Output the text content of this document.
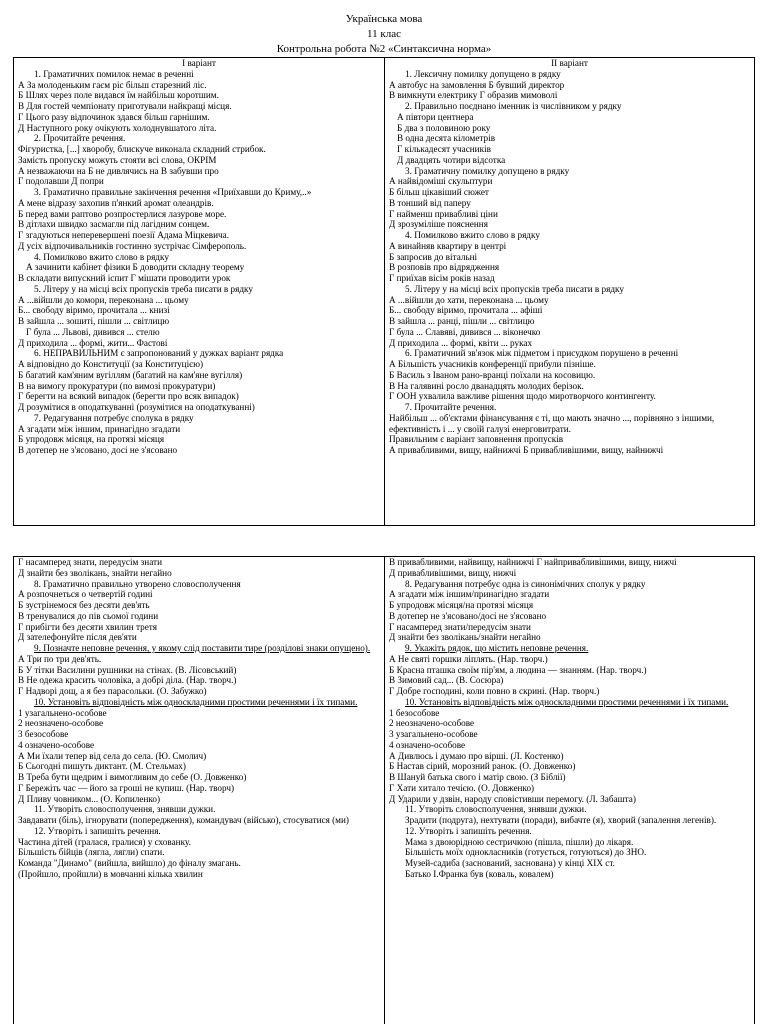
Українська мова
11 клас
Контрольна робота №2 «Синтаксична норма»
I варіант
1. Граматичних помилок немає в реченні
А За молоденьким гаєм ріс більш старезний ліс.
Б Шлях через поле видався їм найбільш коротшим.
В Для гостей чемпіонату приготували найкращі місця.
Г Цього разу відпочинок здався більш гарнішим.
Д Наступного року очікують холоднувшатого літа.
2. Прочитайте речення.
Фігуристка, [...] хворобу, блискуче виконала складний стрибок.
Замість пропуску можуть стояти всі слова, ОКРІМ
А незважаючи на Б не дивлячись на В забувши про
Г подолавши Д попри
3. Граматично правильне закінчення речення «Приїхавши до Криму,..»
А мене відразу захопив п'янкий аромат олеандрів.
Б перед вами раптово розпростерлися лазурове море.
В дітлахи швидко засмагли під лагідним сонцем.
Г згадуються неперевершені поезії Адама Міцкевича.
Д усіх відпочивальників гостинно зустрічає Сімферополь.
4. Помилково вжито слово в рядку
А зачинити кабінет фізики Б доводити складну теорему
В складати випускний іспит Г мішати проводити урок
5. Літеру у на місці всіх пропусків треба писати в рядку
А ...війшли до комори, переконана ... цьому
Б... свободу віримо, прочитала ... книзі
В зайшла ... зошиті, пішли ... світлицю
Г була ... Львові, дивився ... стелю
Д приходила ... формі, жити... Фастові
6. НЕПРАВИЛЬНИМ є запропонований у дужках варіант рядка
А відповідно до Конституції (за Конституцією)
Б багатий кам'яним вугіллям (багатий на кам'яне вугілля)
В на вимогу прокуратури (по вимозі прокуратури)
Г берегти на всякий випадок (берегти про всяк випадок)
Д розумітися в оподаткуванні (розумітися на оподаткуванні)
7. Редагування потребує сполука в рядку
А згадати між іншим, принагідно згадати
Б упродовж місяця, на протязі місяця
В дотепер не з'ясовано, досі не з'ясовано
II варіант
1. Лексичну помилку допущено в рядку
А автобус на замовлення Б бувший директор
В вимкнути електрику Г образив мимоволі
2. Правильно поєднано іменник із числівником у рядку
А півтори центнера
Б два з половиною року
В одна десята кілометрів
Г кількадесят учасників
Д двадцять чотири відсотка
3. Граматичну помилку допущено в рядку
А найвідоміші скульптури
Б більш цікавіший сюжет
В тонший від паперу
Г найменш привабливі ціни
Д зрозуміліше пояснення
4. Помилково вжито слово в рядку
А винайняв квартиру в центрі
Б запросив до вітальні
В розповів про відрядження
Г приїхав вісім років назад
5. Літеру у на місці всіх пропусків треба писати в рядку
А ...війшли до хати, переконана ... цьому
Б... свободу віримо, прочитала ... афіші
В зайшла ... ранці, пішли ... світлицю
Г була ... Славяві, дивився ... віконечко
Д приходила ... формі, квіти ... руках
6. Граматичний зв'язок між підметом і присудком порушено в реченні
А Більшість учасників конференції прибули пізніше.
Б Василь з Іваном рано-вранці поїхали на косовицю.
В На галявині росло дванадцять молодих берізок.
Г ООН ухвалила важливе рішення щодо миротворчого контингенту.
7. Прочитайте речення.
Найбільш ... об'єктами фінансування є ті, що мають значно ..., порівняно з іншими, ефективність і ... у своїй галузі енерговитрати.
Правильним є варіант заповнення пропусків
А привабливими, вищу, найнижчі Б привабливішими, вищу, найнижчі
Г насамперед знати, передусім знати
Д знайти без зволікань, знайти негайно
8. Граматично правильно утворено словосполучення
А розпочнеться о четвертій годині
Б зустрінемося без десяти дев'ять
В тренувалися до пів сьомої години
Г прибігти без десяти хвилин третя
Д зателефонуйте після дев'яти
9. Позначте неповне речення, у якому слід поставити тире (розділові знаки опущено).
А Три по три дев'ять.
Б У тітки Василини рушники на стінах. (В. Лісовський)
В Не одежа красить чоловіка, а добрі діла. (Нар. творч.)
Г Надворі дощ, а я без парасольки. (О. Забужко)
10. Установіть відповідність між односкладними простими реченнями і їх типами.
1 узагальнено-особове
2 неозначено-особове
3 безособове
4 означено-особове
А Ми їхали тепер від села до села. (Ю. Смолич)
Б Сьогодні пишуть диктант. (М. Стельмах)
В Треба бути щедрим і вимогливим до себе (О. Довженко)
Г Бережіть час — його за гроші не купиш. (Нар. творч)
Д Пливу човником... (О. Копиленко)
11. Утворіть словосполучення, знявши дужки.
Завдавати (біль), ігнорувати (попередження), командувач (військо), стосуватися (ми)
12. Утворіть і запишіть речення.
Частина дітей (гралася, гралися) у схованку.
Більшість бійців (лягла, лягли) спати.
Команда "Динамо" (вийшла, вийшло) до фіналу змагань.
(Пройшло, пройшли) в мовчанні кілька хвилин
В привабливими, найвищу, найнижчі Г найпривабливішими, вищу, нижчі
Д привабливішими, вищу, нижчі
8. Редагування потребує одна із синонімічних сполук у рядку
А згадати між іншим/принагідно згадати
Б упродовж місяця/на протязі місяця
В дотепер не з'ясовано/досі не з'ясовано
Г насамперед знати/передусім знати
Д знайти без зволікань/знайти негайно
9. Укажіть рядок, що містить неповне речення.
А Не святі горшки ліплять. (Нар. творч.)
Б Красна пташка своїм пір'ям, а людина — знанням. (Нар. творч.)
В Зимовий сад... (В. Сосюра)
Г Добре господині, коли повно в скрині. (Нар. творч.)
10. Установіть відповідність між односкладними простими реченнями і їх типами.
1 безособове
2 неозначено-особове
3 узагальнено-особове
4 означено-особове
А Дивлюсь і думаю про вірші. (Л. Костенко)
Б Настав сірий, морозний ранок. (О. Довженко)
В Шануй батька свого і матір свою. (З Біблії)
Г Хати хитало течією. (О. Довженко)
Д Ударили у дзвін, народу сповістивши перемогу. (Л. Забашта)
11. Утворіть словосполучення, знявши дужки.
Зрадити (подруга), нехтувати (поради), вибачте (я), хворий (запалення легенів).
12. Утворіть і запишіть речення.
Мама з двоюрідною сестричкою (пішла, пішли) до лікаря.
Більшість моїх однокласників (готується, готуються) до ЗНО.
Музей-садиба (заснований, заснована) у кінці XIX ст.
Батько І.Франка був (коваль, ковалем)
